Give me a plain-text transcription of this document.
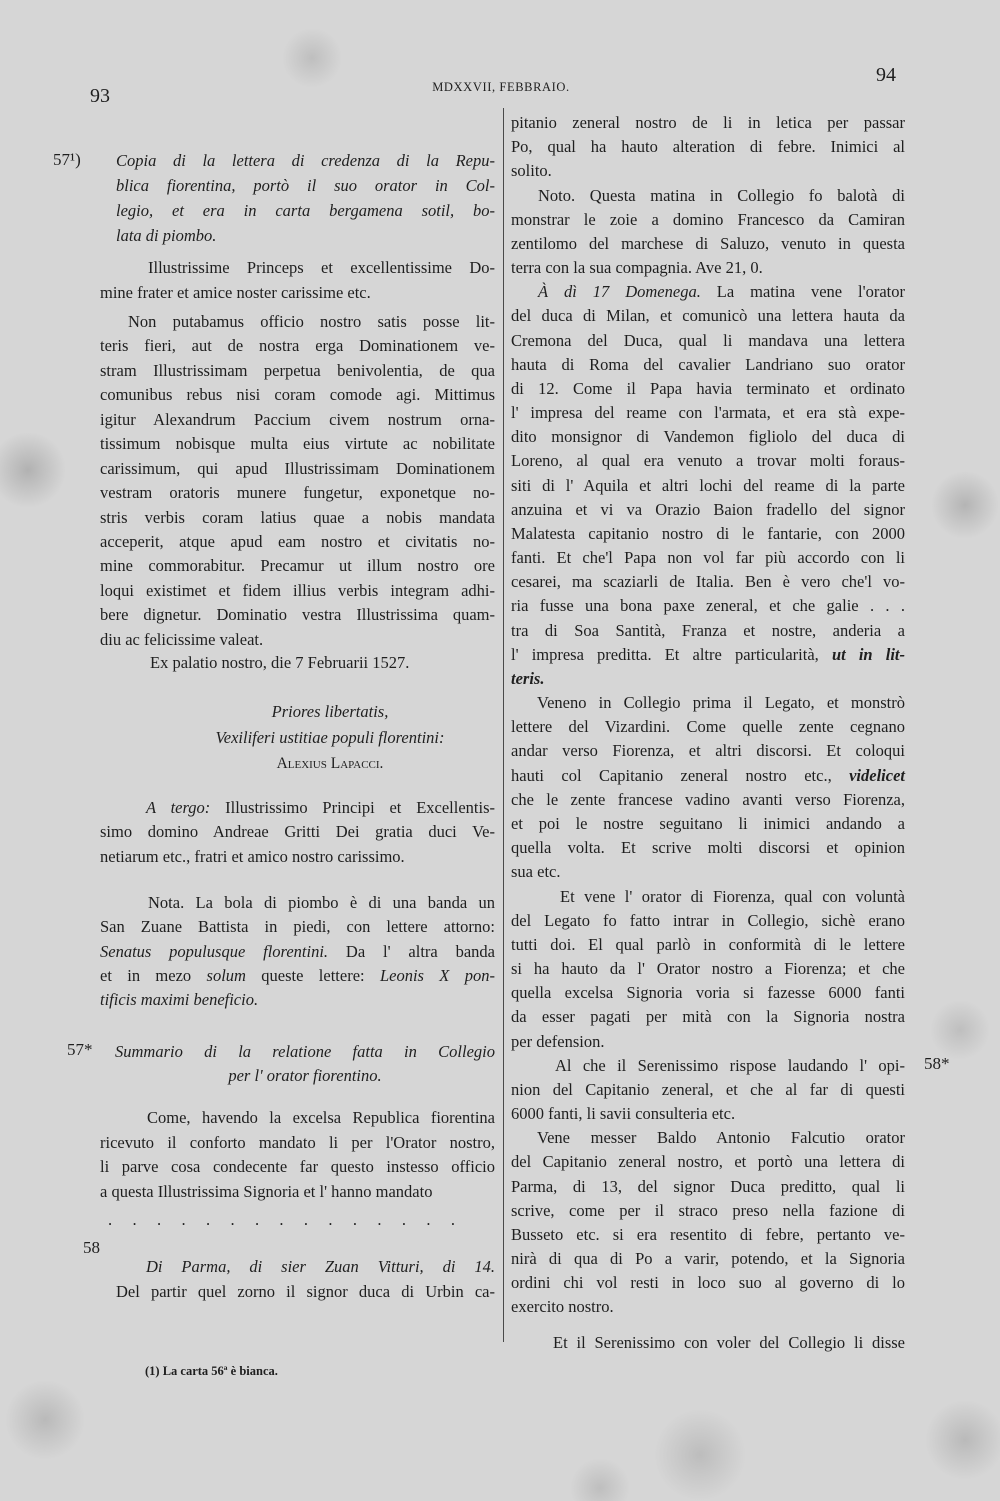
93	MDXXVII, FEBBRAIO.
94
57¹)
57*
58
58*
Copia di la lettera di credenza di la Repu-
blica fiorentina, portò il suo orator in Col-
legio, et era in carta bergamena sotil, bo-
lata di piombo.
Illustrissime Princeps et excellentissime Do-
mine frater et amice noster carissime etc.
Non putabamus officio nostro satis posse lit-
teris fieri, aut de nostra erga Dominationem ve-
stram Illustrissimam perpetua benivolentia, de qua
comunibus rebus nisi coram comode agi. Mittimus
igitur Alexandrum Paccium civem nostrum orna-
tissimum nobisque multa eius virtute ac nobilitate
carissimum, qui apud Illustrissimam Dominationem
vestram oratoris munere fungetur, exponetque no-
stris verbis coram latius quae a nobis mandata
acceperit, atque apud eam nostro et civitatis no-
mine commorabitur. Precamur ut illum nostro ore
loqui existimet et fidem illius verbis integram adhi-
bere dignetur. Dominatio vestra Illustrissima quam-
diu ac felicissime valeat.
Ex palatio nostro, die 7 Februarii 1527.
Priores libertatis,
Vexiliferi ustitiae populi florentini:
Alexius Lapacci.
A tergo: Illustrissimo Principi et Excellentis-
simo domino Andreae Gritti Dei gratia duci Ve-
netiarum etc., fratri et amico nostro carissimo.
Nota. La bola di piombo è di una banda un
San Zuane Battista in piedi, con lettere attorno:
Senatus populusque florentini. Da l' altra banda
et in mezo solum queste lettere: Leonis X pon-
tificis maximi beneficio.
Summario di la relatione fatta in Collegio
per l' orator fiorentino.
Come, havendo la excelsa Republica fiorentina
ricevuto il conforto mandato li per l'Orator nostro,
li parve cosa condecente far questo instesso officio
a questa Illustrissima Signoria et l' hanno mandato
. . . . . . . . . . . . . . .
Di Parma, di sier Zuan Vitturi, di 14.
Del partir quel zorno il signor duca di Urbin ca-
(1) La carta 56ª è bianca.
pitanio zeneral nostro de li in letica per passar
Po, qual ha hauto alteration di febre. Inimici al
solito.
Noto. Questa matina in Collegio fo balotà di
monstrar le zoie a domino Francesco da Camiran
zentilomo del marchese di Saluzo, venuto in questa
terra con la sua compagnia. Ave 21, 0.
À dì 17 Domenega. La matina vene l'orator
del duca di Milan, et comunicò una lettera hauta da
Cremona del Duca, qual li mandava una lettera
hauta di Roma del cavalier Landriano suo orator
di 12. Come il Papa havia terminato et ordinato
l' impresa del reame con l'armata, et era stà expe-
dito monsignor di Vandemon figliolo del duca di
Loreno, al qual era venuto a trovar molti foraus-
siti di l' Aquila et altri lochi del reame di la parte
anzuina et vi va Orazio Baion fradello del signor
Malatesta capitanio nostro di le fantarie, con 2000
fanti. Et che'l Papa non vol far più accordo con li
cesarei, ma scaziarli de Italia. Ben è vero che'l vo-
ria fusse una bona paxe zeneral, et che galie . . .
tra di Soa Santità, Franza et nostre, anderia a
l' impresa preditta. Et altre particularità, ut in lit-
teris.
Veneno in Collegio prima il Legato, et monstrò
lettere del Vizardini. Come quelle zente cegnano
andar verso Fiorenza, et altri discorsi. Et coloqui
hauti col Capitanio zeneral nostro etc., videlicet
che le zente francese vadino avanti verso Fiorenza,
et poi le nostre seguitano li inimici andando a
quella volta. Et scrive molti discorsi et opinion
sua etc.
Et vene l' orator di Fiorenza, qual con voluntà
del Legato fo fatto intrar in Collegio, sichè erano
tutti doi. El qual parlò in conformità di le lettere
si ha hauto da l' Orator nostro a Fiorenza; et che
quella excelsa Signoria voria si fazesse 6000 fanti
da esser pagati per mità con la Signoria nostra
per defension.
Al che il Serenissimo rispose laudando l' opi-
nion del Capitanio zeneral, et che al far di questi
6000 fanti, li savii consulteria etc.
Vene messer Baldo Antonio Falcutio orator
del Capitanio zeneral nostro, et portò una lettera di
Parma, di 13, del signor Duca preditto, qual li
scrive, come per il straco preso nella fazione di
Busseto etc. si era resentito di febre, pertanto ve-
nirà di qua di Po a varir, potendo, et la Signoria
ordini chi vol resti in loco suo al governo di lo
exercito nostro.
Et il Serenissimo con voler del Collegio li disse
